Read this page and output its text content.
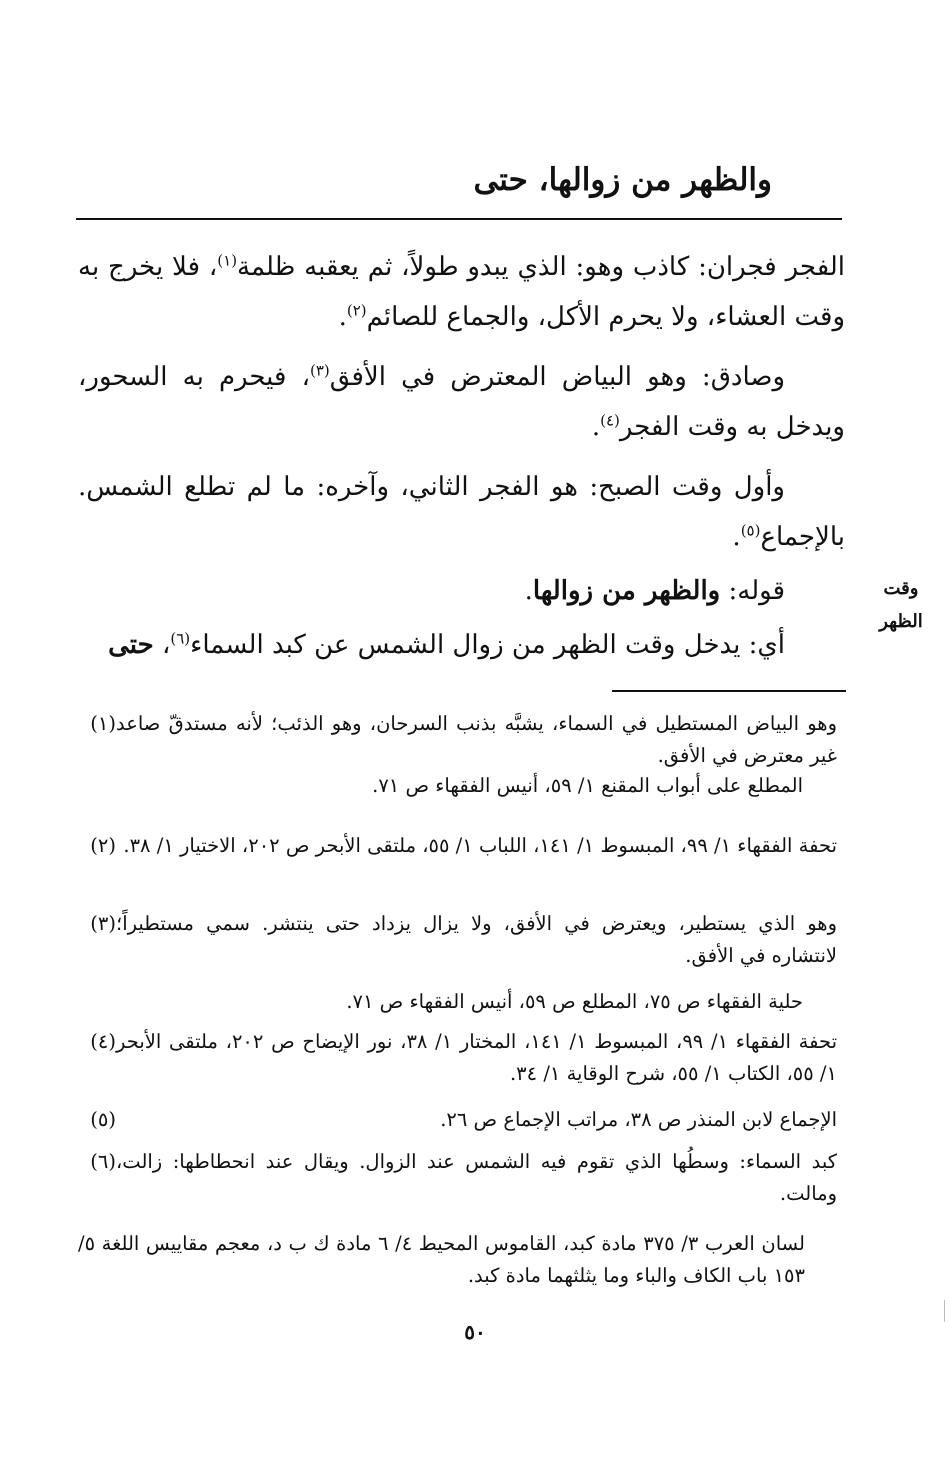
والظهر من زوالها، حتى
الفجر فجران: كاذب وهو: الذي يبدو طولاً، ثم يعقبه ظلمة$^{(١)}$، فلا يخرج به وقت العشاء، ولا يحرم الأكل، والجماع للصائم$^{(٢)}$.
وصادق: وهو البياض المعترض في الأفق$^{(٣)}$، فيحرم به السحور، ويدخل به وقت الفجر$^{(٤)}$.
وأول وقت الصبح: هو الفجر الثاني، وآخره: ما لم تطلع الشمس. بالإجماع$^{(٥)}$.
قوله: والظهر من زوالها.
أي: يدخل وقت الظهر من زوال الشمس عن كبد السماء$^{(٦)}$، حتى
وقت
الظهر
(١) وهو البياض المستطيل في السماء، يشبَّه بذنب السرحان، وهو الذئب؛ لأنه مستدقّ صاعد غير معترض في الأفق.
المطلع على أبواب المقنع ١/ ٥٩، أنيس الفقهاء ص ٧١.
(٢) تحفة الفقهاء ١/ ٩٩، المبسوط ١/ ١٤١، اللباب ١/ ٥٥، ملتقى الأبحر ص ٢٠٢، الاختيار ١/ ٣٨.
(٣) وهو الذي يستطير، ويعترض في الأفق، ولا يزال يزداد حتى ينتشر. سمي مستطيراً؛ لانتشاره في الأفق.
حلية الفقهاء ص ٧٥، المطلع ص ٥٩، أنيس الفقهاء ص ٧١.
(٤) تحفة الفقهاء ١/ ٩٩، المبسوط ١/ ١٤١، المختار ١/ ٣٨، نور الإيضاح ص ٢٠٢، ملتقى الأبحر ١/ ٥٥، الكتاب ١/ ٥٥، شرح الوقاية ١/ ٣٤.
(٥)	الإجماع لابن المنذر ص ٣٨، مراتب الإجماع ص ٢٦.
(٦) كبد السماء: وسطُها الذي تقوم فيه الشمس عند الزوال. ويقال عند انحطاطها: زالت، ومالت.
لسان العرب ٣/ ٣٧٥ مادة كبد، القاموس المحيط ٤/ ٦ مادة ك ب د، معجم مقاييس اللغة ٥/ ١٥٣ باب الكاف والباء وما يثلثهما مادة كبد.
٥٠
